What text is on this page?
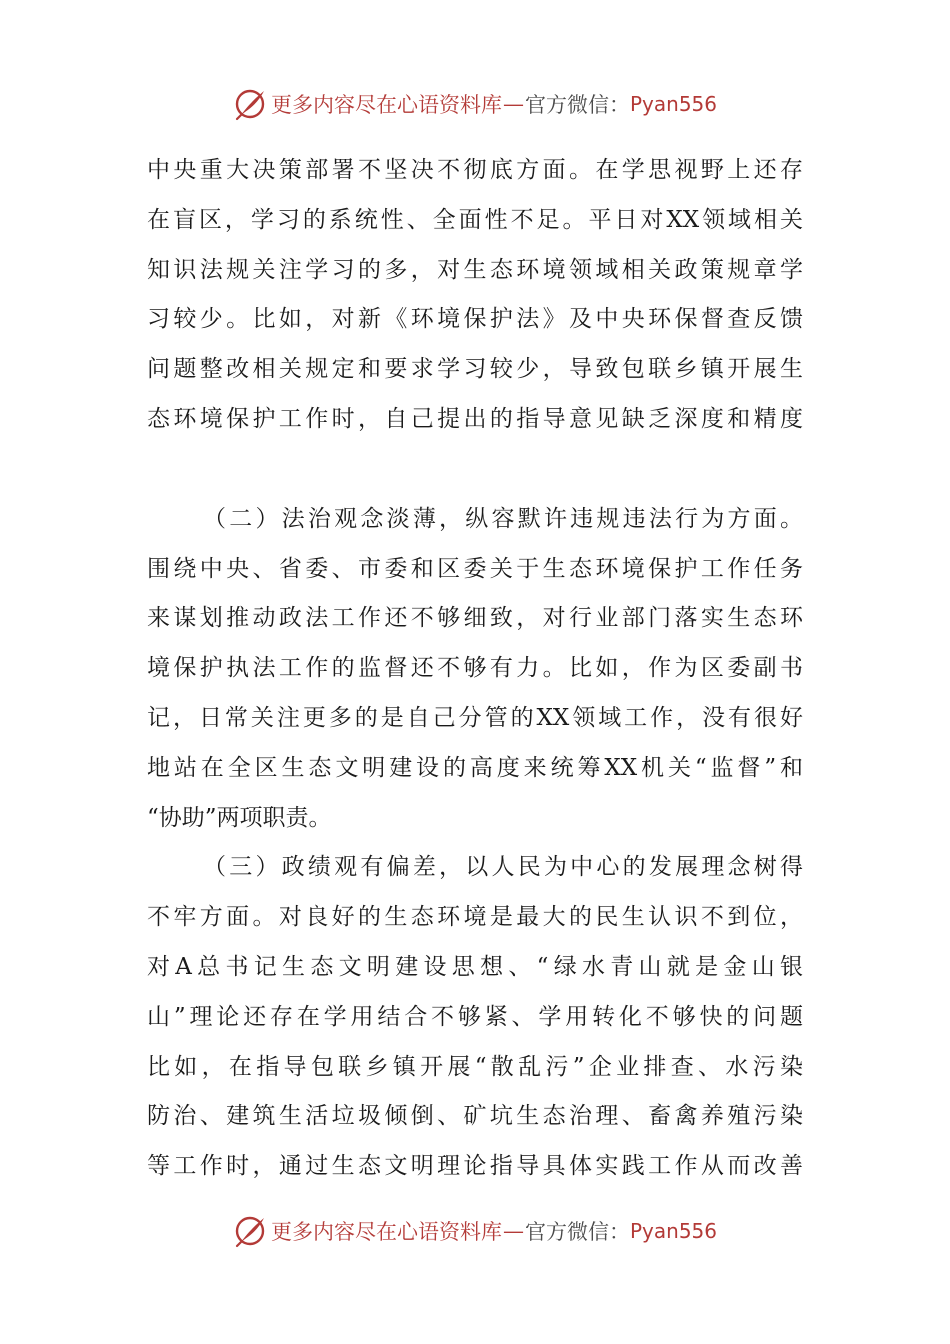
更多内容尽在心语资料库 — 官方微信： Pyan556
中央重大决策部署不坚决不彻底方面。在学思视野上还存
在盲区，学习的系统性、全面性不足。平日对XX领域相关
知识法规关注学习的多，对生态环境领域相关政策规章学
习较少。比如，对新《环境保护法》及中央环保督查反馈
问题整改相关规定和要求学习较少，导致包联乡镇开展生
态环境保护工作时，自己提出的指导意见缺乏深度和精度
（二）法治观念淡薄，纵容默许违规违法行为方面。
围绕中央、省委、市委和区委关于生态环境保护工作任务
来谋划推动政法工作还不够细致，对行业部门落实生态环
境保护执法工作的监督还不够有力。比如，作为区委副书
记，日常关注更多的是自己分管的XX领域工作，没有很好
地站在全区生态文明建设的高度来统筹XX机关“监督”和
“协助”两项职责。
（三）政绩观有偏差，以人民为中心的发展理念树得
不牢方面。对良好的生态环境是最大的民生认识不到位，
对A总书记生态文明建设思想、“绿水青山就是金山银
山”理论还存在学用结合不够紧、学用转化不够快的问题
比如，在指导包联乡镇开展“散乱污”企业排查、水污染
防治、建筑生活垃圾倾倒、矿坑生态治理、畜禽养殖污染
等工作时，通过生态文明理论指导具体实践工作从而改善
更多内容尽在心语资料库 — 官方微信： Pyan556
